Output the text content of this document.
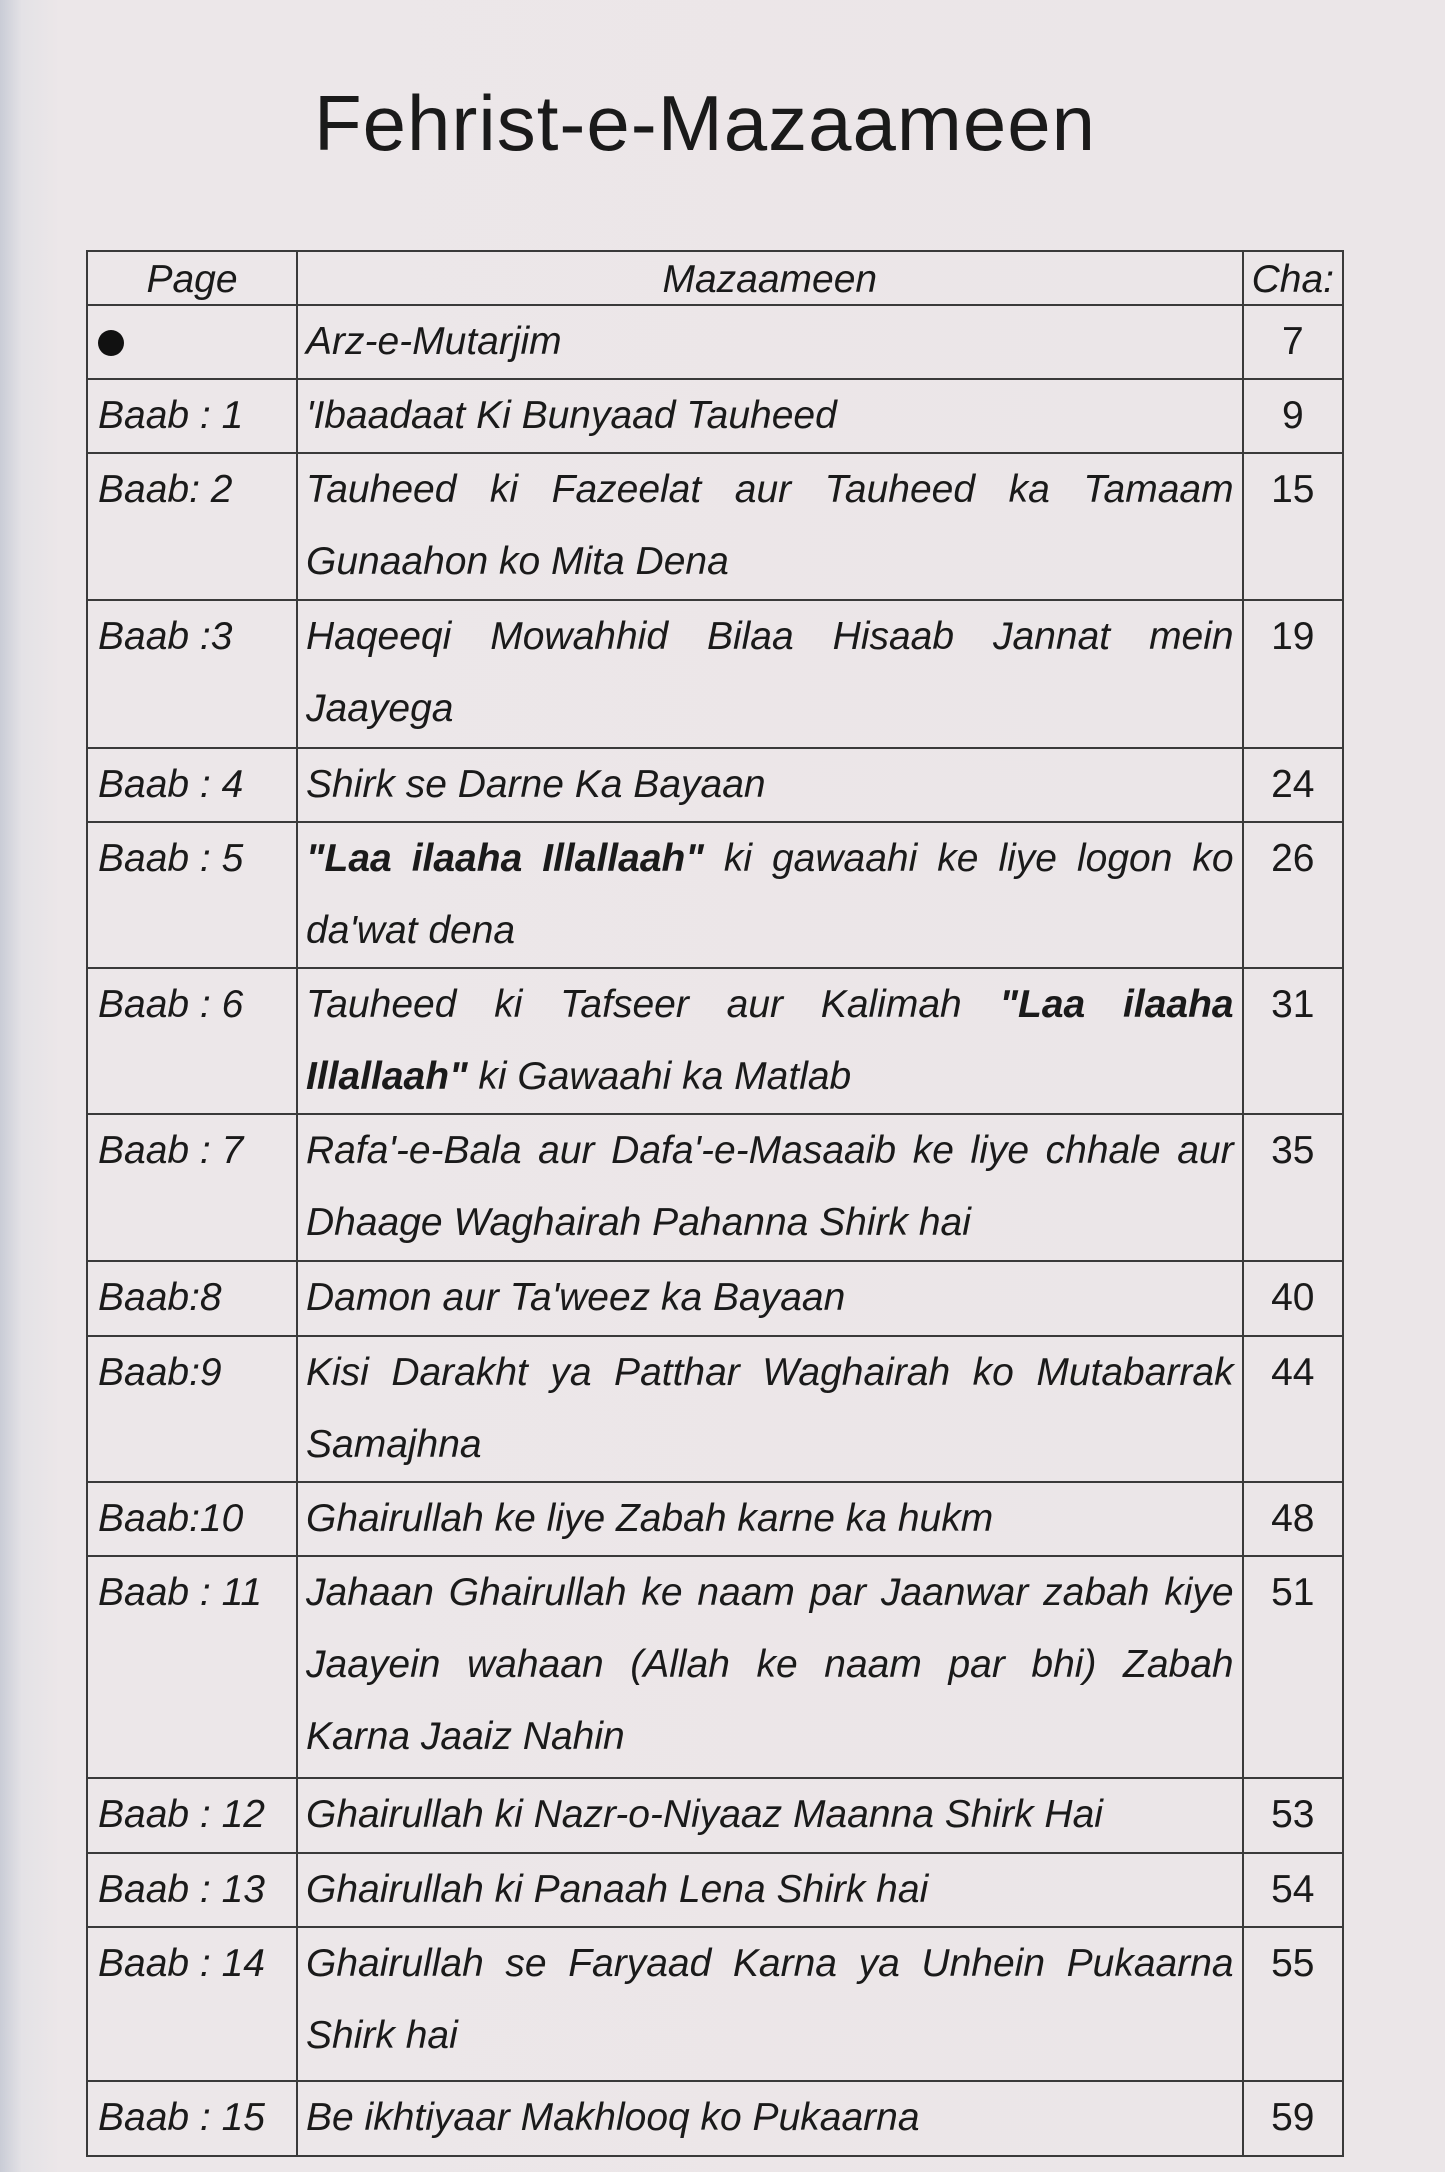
Fehrist-e-Mazaameen
Page	Mazaameen	Cha:
	Arz-e-Mutarjim	7
Baab : 1	'Ibaadaat Ki Bunyaad Tauheed	9
Baab: 2	Tauheed ki Fazeelat aur Tauheed ka Tamaam Gunaahon ko Mita Dena	15
Baab :3	Haqeeqi Mowahhid Bilaa Hisaab Jannat mein Jaayega	19
Baab : 4	Shirk se Darne Ka Bayaan	24
Baab : 5	"Laa ilaaha Illallaah" ki gawaahi ke liye logon ko da'wat dena	26
Baab : 6	Tauheed ki Tafseer aur Kalimah "Laa ilaaha Illallaah" ki Gawaahi ka Matlab	31
Baab : 7	Rafa'-e-Bala aur Dafa'-e-Masaaib ke liye chhale aur Dhaage Waghairah Pahanna Shirk hai	35
Baab:8	Damon aur Ta'weez ka Bayaan	40
Baab:9	Kisi Darakht ya Patthar Waghairah ko Mutabarrak Samajhna	44
Baab:10	Ghairullah ke liye Zabah karne ka hukm	48
Baab : 11	Jahaan Ghairullah ke naam par Jaanwar zabah kiye Jaayein wahaan (Allah ke naam par bhi) Zabah Karna Jaaiz Nahin	51
Baab : 12	Ghairullah ki Nazr-o-Niyaaz Maanna Shirk Hai	53
Baab : 13	Ghairullah ki Panaah Lena Shirk hai	54
Baab : 14	Ghairullah se Faryaad Karna ya Unhein Pukaarna Shirk hai	55
Baab : 15	Be ikhtiyaar Makhlooq ko Pukaarna	59
